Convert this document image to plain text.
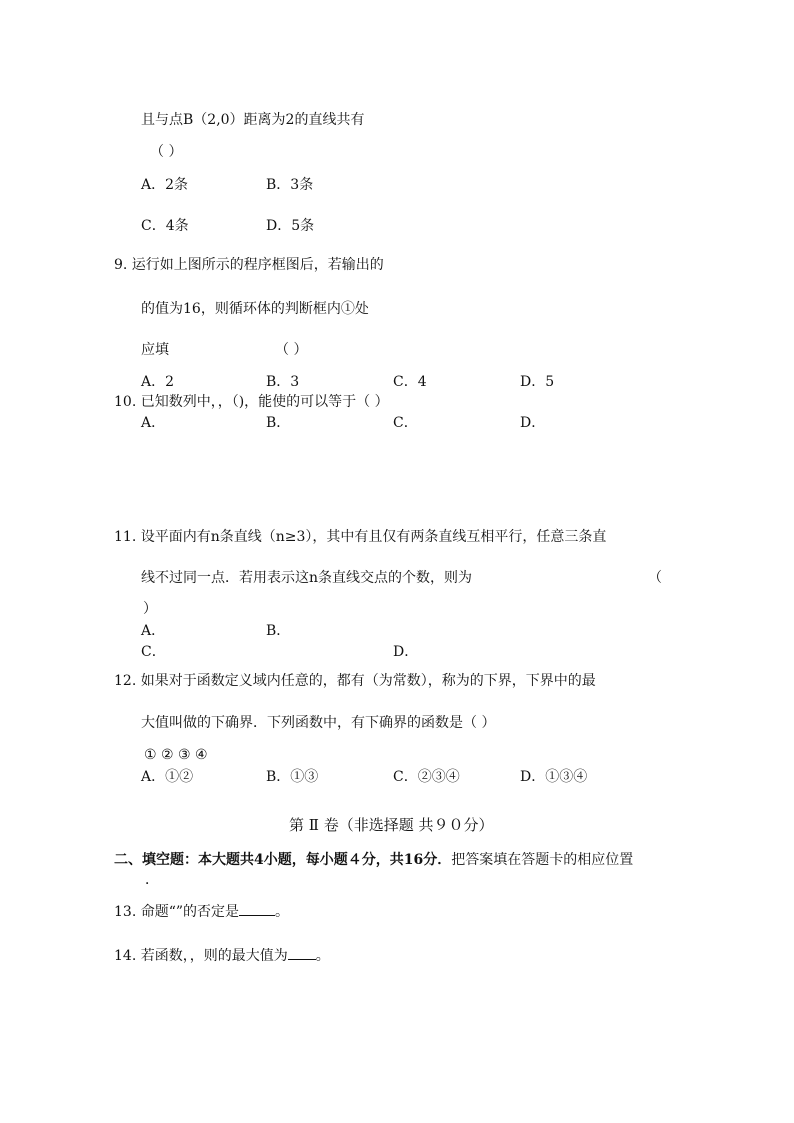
且与点B（2,0）距离为2的直线共有
（ ）
A．2条	B．3条
C．4条	D．5条
9. 运行如上图所示的程序框图后，若输出的
的值为16，则循环体的判断框内①处
应填	（ ）
A．2	B．3	C．4	D．5
10. 已知数列中，，（)，能使的可以等于（ ）
A．	B．	C．	D．
11. 设平面内有n条直线（n≥3），其中有且仅有两条直线互相平行，任意三条直
线不过同一点．若用表示这n条直线交点的个数，则为	（
）
A．	B．
C．	D．
12. 如果对于函数定义域内任意的，都有（为常数），称为的下界，下界中的最
大值叫做的下确界．下列函数中，有下确界的函数是（ ）
① ② ③ ④
A．①②	B．①③	C．②③④	D．①③④
第 Ⅱ 卷（非选择题 共９０分）
二、填空题：本大题共4小题，每小题４分，共16分．把答案填在答题卡的相应位置
．
13. 命题“”的否定是	。
14. 若函数，，则的最大值为 。
